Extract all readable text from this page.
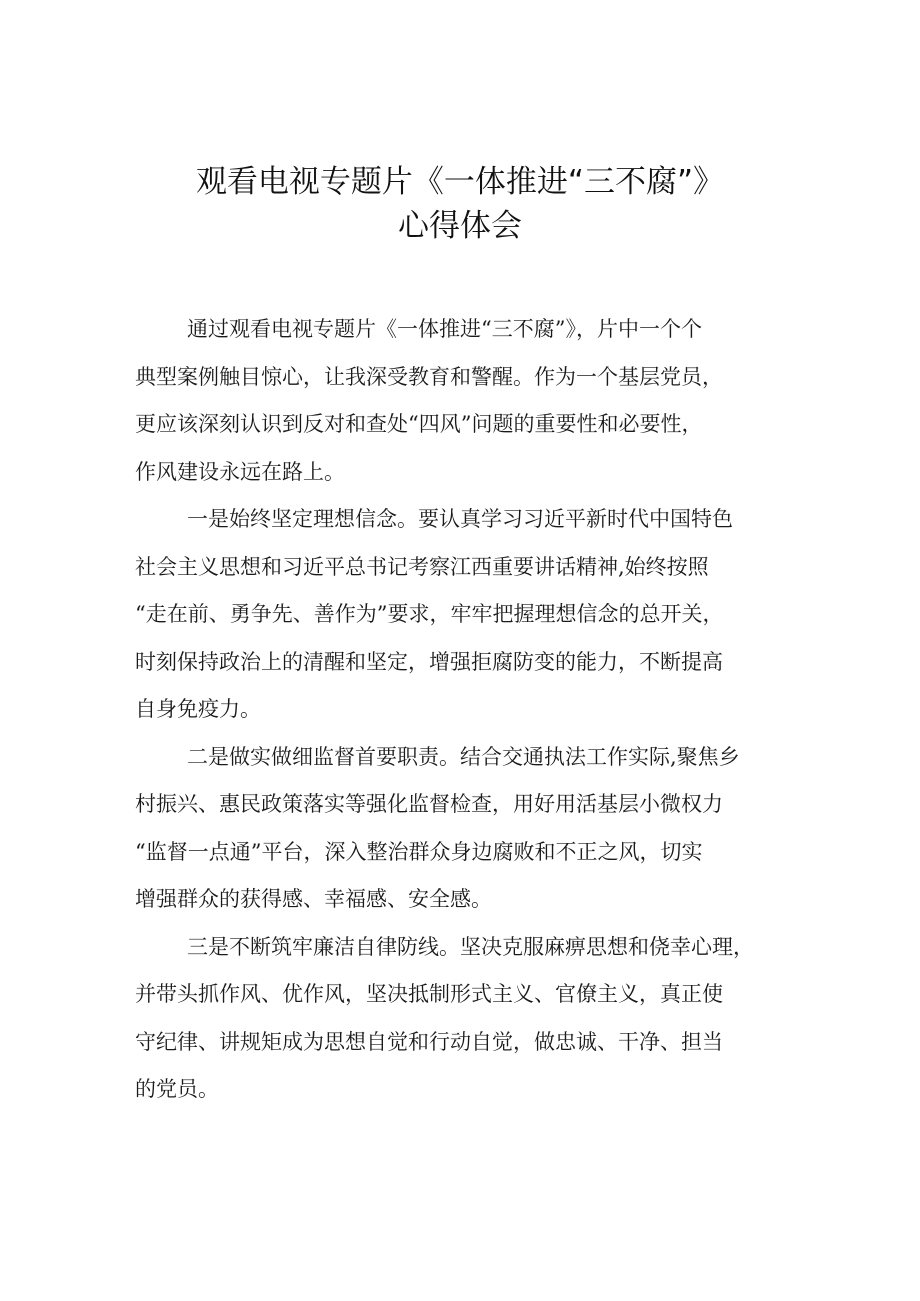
观看电视专题片《一体推进“三不腐”》
心得体会
通过观看电视专题片《一体推进“三不腐”》，片中一个个
典型案例触目惊心，让我深受教育和警醒。作为一个基层党员，
更应该深刻认识到反对和查处“四风”问题的重要性和必要性，
作风建设永远在路上。
一是始终坚定理想信念。要认真学习习近平新时代中国特色
社会主义思想和习近平总书记考察江西重要讲话精神,始终按照
“走在前、勇争先、善作为”要求，牢牢把握理想信念的总开关，
时刻保持政治上的清醒和坚定，增强拒腐防变的能力，不断提高
自身免疫力。
二是做实做细监督首要职责。结合交通执法工作实际,聚焦乡
村振兴、惠民政策落实等强化监督检查，用好用活基层小微权力
“监督一点通”平台，深入整治群众身边腐败和不正之风，切实
增强群众的获得感、幸福感、安全感。
三是不断筑牢廉洁自律防线。坚决克服麻痹思想和侥幸心理，
并带头抓作风、优作风，坚决抵制形式主义、官僚主义，真正使
守纪律、讲规矩成为思想自觉和行动自觉，做忠诚、干净、担当
的党员。
